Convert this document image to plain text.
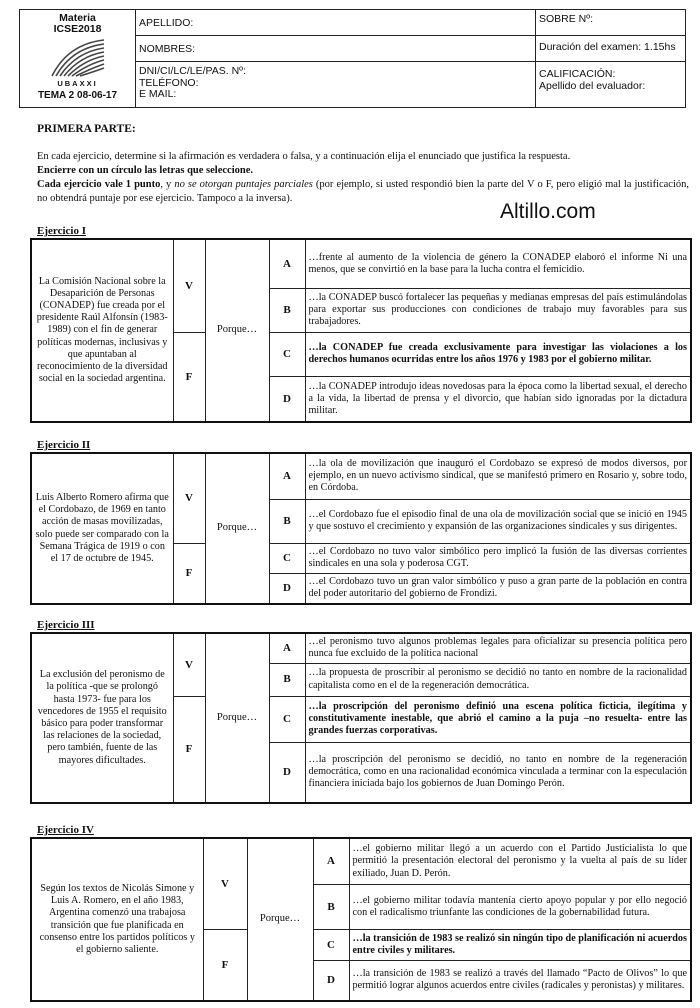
Materia
ICSE2018
UBAXXI
TEMA 2 08-06-17
APELLIDO:
NOMBRES:
DNI/CI/LC/LE/PAS. Nº:
TELÉFONO:
E MAIL:
SOBRE Nº:
Duración del examen: 1.15hs
CALIFICACIÓN:
Apellido del evaluador:
PRIMERA PARTE:
En cada ejercicio, determine si la afirmación es verdadera o falsa, y a continuación elija el enunciado que justifica la respuesta.
Encierre con un círculo las letras que seleccione.
Cada ejercicio vale 1 punto, y no se otorgan puntajes parciales (por ejemplo, si usted respondió bien la parte del V o F, pero eligió mal la justificación, no obtendrá puntaje por ese ejercicio. Tampoco a la inversa).
Altillo.com
Ejercicio I
La Comisión Nacional sobre la Desaparición de Personas (CONADEP) fue creada por el presidente Raúl Alfonsín (1983-1989) con el fin de generar políticas modernas, inclusivas y que apuntaban al reconocimiento de la diversidad social en la sociedad argentina.	V	Porque…	A	…frente al aumento de la violencia de género la CONADEP elaboró el informe Ni una menos, que se convirtió en la base para la lucha contra el femicidio.
			B	…la CONADEP buscó fortalecer las pequeñas y medianas empresas del país estimulándolas para exportar sus producciones con condiciones de trabajo muy favorables para sus trabajadores.
	F		C	…la CONADEP fue creada exclusivamente para investigar las violaciones a los derechos humanos ocurridas entre los años 1976 y 1983 por el gobierno militar.
			D	…la CONADEP introdujo ideas novedosas para la época como la libertad sexual, el derecho a la vida, la libertad de prensa y el divorcio, que habían sido ignoradas por la dictadura militar.
Ejercicio II
Luis Alberto Romero afirma que el Cordobazo, de 1969 en tanto acción de masas movilizadas, solo puede ser comparado con la Semana Trágica de 1919 o con el 17 de octubre de 1945.	V	Porque…	A	…la ola de movilización que inauguró el Cordobazo se expresó de modos diversos, por ejemplo, en un nuevo activismo sindical, que se manifestó primero en Rosario y, sobre todo, en Córdoba.
			B	…el Cordobazo fue el episodio final de una ola de movilización social que se inició en 1945 y que sostuvo el crecimiento y expansión de las organizaciones sindicales y sus dirigentes.
	F		C	…el Cordobazo no tuvo valor simbólico pero implicó la fusión de las diversas corrientes sindicales en una sola y poderosa CGT.
			D	…el Cordobazo tuvo un gran valor simbólico y puso a gran parte de la población en contra del poder autoritario del gobierno de Frondizi.
Ejercicio III
La exclusión del peronismo de la política -que se prolongó hasta 1973- fue para los vencedores de 1955 el requisito básico para poder transformar las relaciones de la sociedad, pero también, fuente de las mayores dificultades.	V	Porque…	A	…el peronismo tuvo algunos problemas legales para oficializar su presencia política pero nunca fue excluido de la política nacional
			B	…la propuesta de proscribir al peronismo se decidió no tanto en nombre de la racionalidad capitalista como en el de la regeneración democrática.
	F		C	…la proscripción del peronismo definió una escena política ficticia, ilegítima y constitutivamente inestable, que abrió el camino a la puja –no resuelta- entre las grandes fuerzas corporativas.
			D	…la proscripción del peronismo se decidió, no tanto en nombre de la regeneración democrática, como en una racionalidad económica vinculada a terminar con la especulación financiera iniciada bajo los gobiernos de Juan Domingo Perón.
Ejercicio IV
Según los textos de Nicolás Simone y Luis A. Romero, en el año 1983, Argentina comenzó una trabajosa transición que fue planificada en consenso entre los partidos políticos y el gobierno saliente.	V	Porque…	A	…el gobierno militar llegó a un acuerdo con el Partido Justicialista lo que permitió la presentación electoral del peronismo y la vuelta al país de su líder exiliado, Juan D. Perón.
			B	…el gobierno militar todavía mantenía cierto apoyo popular y por ello negoció con el radicalismo triunfante las condiciones de la gobernabilidad futura.
	F		C	…la transición de 1983 se realizó sin ningún tipo de planificación ni acuerdos entre civiles y militares.
			D	…la transición de 1983 se realizó a través del llamado “Pacto de Olivos” lo que permitió lograr algunos acuerdos entre civiles (radicales y peronistas) y militares.
